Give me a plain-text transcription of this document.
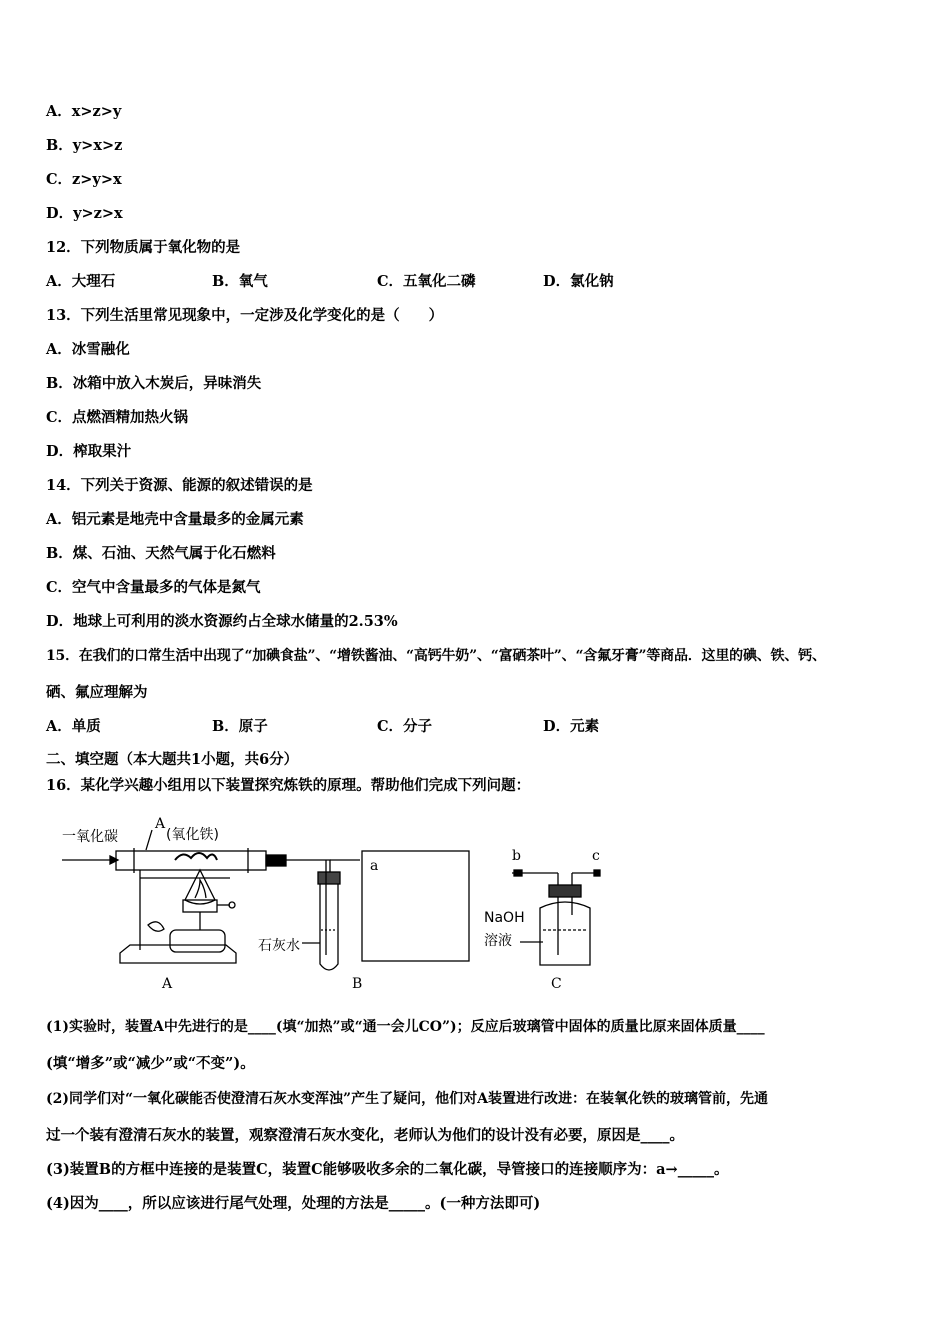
A．x>z>y
B．y>x>z
C．z>y>x
D．y>z>x
12．下列物质属于氧化物的是
A．大理石	B．氧气	C．五氧化二磷	D．氯化钠
13．下列生活里常见现象中，一定涉及化学变化的是（　　）
A．冰雪融化
B．冰箱中放入木炭后，异味消失
C．点燃酒精加热火锅
D．榨取果汁
14．下列关于资源、能源的叙述错误的是
A．铝元素是地壳中含量最多的金属元素
B．煤、石油、天然气属于化石燃料
C．空气中含量最多的气体是氮气
D．地球上可利用的淡水资源约占全球水储量的2.53%
15．在我们的口常生活中出现了“加碘食盐”、“增铁酱油、“高钙牛奶”、“富硒茶叶”、“含氟牙膏”等商品．这里的碘、铁、钙、
硒、氟应理解为
A．单质	B．原子	C．分子	D．元素
二、填空题（本大题共1小题，共6分）
16．某化学兴趣小组用以下装置探究炼铁的原理。帮助他们完成下列问题：
一氧化碳
A
(氧化铁)
石灰水
a
b	c
NaOH
溶液
A	B	C
(1)实验时，装置A中先进行的是____(填“加热”或“通一会儿CO”)；反应后玻璃管中固体的质量比原来固体质量____
(填“增多”或“减少”或“不变”)。
(2)同学们对“一氧化碳能否使澄清石灰水变浑浊”产生了疑问，他们对A装置进行改进：在装氧化铁的玻璃管前，先通
过一个装有澄清石灰水的装置，观察澄清石灰水变化，老师认为他们的设计没有必要，原因是____。
(3)装置B的方框中连接的是装置C，装置C能够吸收多余的二氧化碳，导管接口的连接顺序为：a→_____。
(4)因为____，所以应该进行尾气处理，处理的方法是_____。(一种方法即可)
